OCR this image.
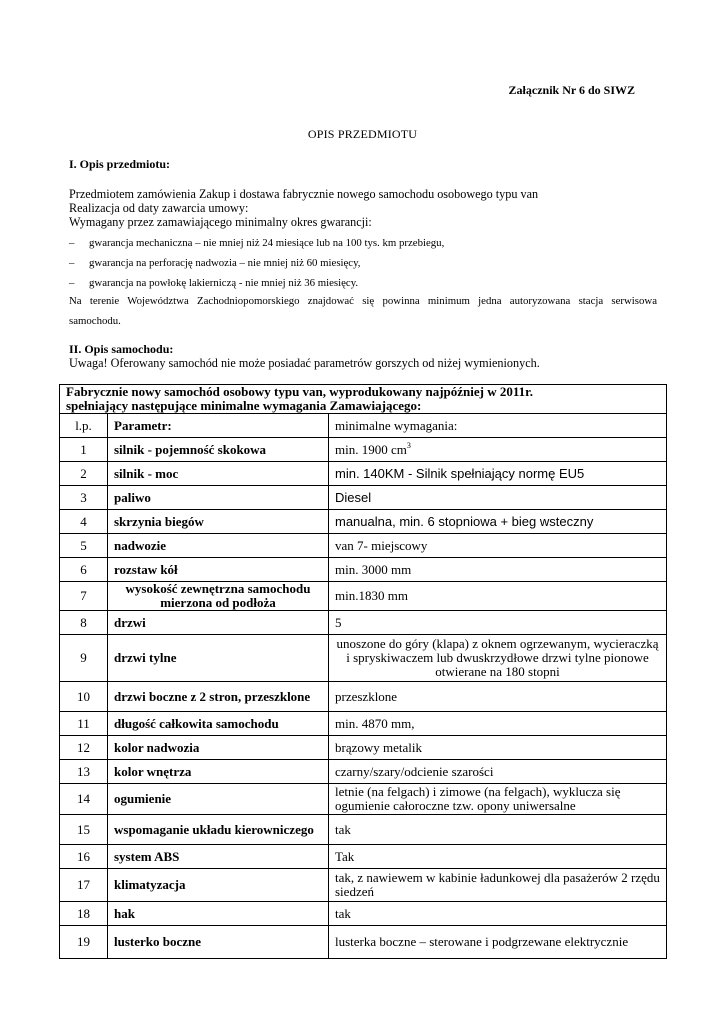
Załącznik Nr 6 do SIWZ
OPIS PRZEDMIOTU
I. Opis przedmiotu:
Przedmiotem zamówienia Zakup i dostawa fabrycznie nowego samochodu osobowego typu van
Realizacja od daty zawarcia umowy:
Wymagany przez zamawiającego minimalny okres gwarancji:
– gwarancja mechaniczna – nie mniej niż 24 miesiące lub na 100 tys. km przebiegu,
– gwarancja na perforację nadwozia – nie mniej niż 60 miesięcy,
– gwarancja na powłokę lakierniczą - nie mniej niż 36 miesięcy.
Na terenie Województwa Zachodniopomorskiego znajdować się powinna minimum jedna autoryzowana stacja serwisowa
samochodu.
II. Opis samochodu:
Uwaga! Oferowany samochód nie może posiadać parametrów gorszych od niżej wymienionych.
Fabrycznie nowy samochód osobowy typu van, wyprodukowany najpóźniej w 2011r.
spełniający następujące minimalne wymagania Zamawiającego:		

l.p.	Parametr:	minimalne wymagania:
1	silnik - pojemność skokowa	min. 1900 $cm^3$
2	silnik - moc	min. 140KM - Silnik spełniający normę EU5
3	paliwo	Diesel
4	skrzynia biegów	manualna, min. 6 stopniowa + bieg wsteczny
5	nadwozie	van 7- miejscowy
6	rozstaw kół	min. 3000 mm
7	wysokość zewnętrzna samochodu mierzona od podłoża	min.1830 mm
8	drzwi	5
9	drzwi tylne	unoszone do góry (klapa) z oknem ogrzewanym, wycieraczką i spryskiwaczem lub dwuskrzydłowe drzwi tylne pionowe otwierane na 180 stopni
10	drzwi boczne z 2 stron, przeszklone	przeszklone
11	długość całkowita samochodu	min. 4870 mm,
12	kolor nadwozia	brązowy metalik
13	kolor wnętrza	czarny/szary/odcienie szarości
14	ogumienie	letnie (na felgach) i zimowe (na felgach), wyklucza się ogumienie całoroczne tzw. opony uniwersalne
15	wspomaganie układu kierowniczego	tak
16	system ABS	Tak
17	klimatyzacja	tak, z nawiewem w kabinie ładunkowej dla pasażerów 2 rzędu siedzeń
18	hak	tak
19	lusterko boczne	lusterka boczne – sterowane i podgrzewane elektrycznie
